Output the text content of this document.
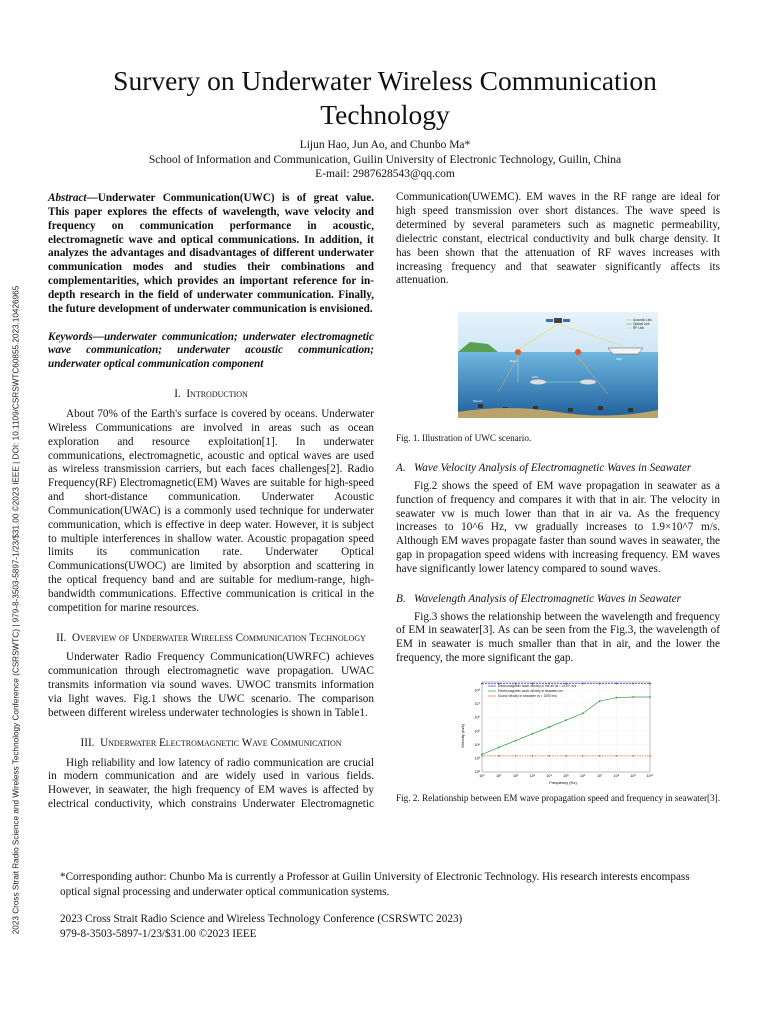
2023 Cross Strait Radio Science and Wireless Technology Conference (CSRSWTC) | 979-8-3503-5897-1/23/$31.00 ©2023 IEEE | DOI: 10.1109/CSRSWTC60855.2023.10426965
Survery on Underwater Wireless Communication Technology
Lijun Hao, Jun Ao, and Chunbo Ma*
School of Information and Communication, Guilin University of Electronic Technology, Guilin, China
E-mail: 2987628543@qq.com

Abstract—Underwater Communication(UWC) is of great value. This paper explores the effects of wavelength, wave velocity and frequency on communication performance in acoustic, electromagnetic wave and optical communications. In addition, it analyzes the advantages and disadvantages of different underwater communication modes and studies their combinations and complementarities, which provides an important reference for in-depth research in the field of underwater communication. Finally, the future development of underwater communication is envisioned.

Keywords—underwater communication; underwater electromagnetic wave communication; underwater acoustic communication; underwater optical communication component

I. Introduction

About 70% of the Earth's surface is covered by oceans. Underwater Wireless Communications are involved in areas such as ocean exploration and resource exploitation[1]. In underwater communications, electromagnetic, acoustic and optical waves are used as wireless transmission carriers, but each faces challenges[2]. Radio Frequency(RF) Electromagnetic(EM) Waves are suitable for high-speed and short-distance communication. Underwater Acoustic Communication(UWAC) is a commonly used technique for underwater communication, which is effective in deep water. However, it is subject to multiple interferences in shallow water. Acoustic propagation speed limits its communication rate. Underwater Optical Communications(UWOC) are limited by absorption and scattering in the optical frequency band and are suitable for medium-range, high-bandwidth communications. Effective communication is critical in the competition for marine resources.

II. Overview of Underwater Wireless Communication Technology

Underwater Radio Frequency Communication(UWRFC) achieves communication through electromagnetic wave propagation. UWAC transmits information via sound waves. UWOC transmits information via light waves. Fig.1 shows the UWC scenario. The comparison between different wireless underwater technologies is shown in Table1.

III. Underwater Electromagnetic Wave Communication

High reliability and low latency of radio communication are crucial in modern communication and are widely used in various fields. However, in seawater, the high frequency of EM waves is affected by electrical conductivity, which constrains Underwater Electromagnetic

Communication(UWEMC). EM waves in the RF range are ideal for high speed transmission over short distances. The wave speed is determined by several parameters such as magnetic permeability, dielectric constant, electrical conductivity and bulk charge density. It has been shown that the attenuation of RF waves increases with increasing frequency and that seawater significantly affects its attenuation.

Acoustic Link
Optical Link
RF Link
Satellite
Ship
Sensor
AUV
Buoy
Fig. 1. Illustration of UWC scenario.
A. Wave Velocity Analysis of Electromagnetic Waves in Seawater

Fig.2 shows the speed of EM wave propagation in seawater as a function of frequency and compares it with that in air. The velocity in seawater vw is much lower than that in air va. As the frequency increases to 10^6 Hz, vw gradually increases to 1.9×10^7 m/s. Although EM waves propagate faster than sound waves in seawater, the gap in propagation speed widens with increasing frequency. EM waves have significantly lower latency compared to sound waves.

B. Wavelength Analysis of Electromagnetic Waves in Seawater

Fig.3 shows the relationship between the wavelength and frequency of EM in seawater[3]. As can be seen from the Fig.3, the wavelength of EM in seawater is much smaller than that in air, and the lower the frequency, the more significant the gap.

Velocity (m/s)
Frequency (Hz)
10⁰	10¹	10²	10³	10⁴	10⁵	10⁶	10⁷	10⁸	10⁹	10¹⁰
10²
10³
10⁴
10⁵
10⁶
10⁷
10⁸
Electromagnetic wave velocity in the air va = 3×10⁸ m/s
Electromagnetic wave velocity in seawater vw
Sound velocity in seawater vs = 1500 m/s
Fig. 2. Relationship between EM wave propagation speed and frequency in seawater[3].
*Corresponding author: Chunbo Ma is currently a Professor at Guilin University of Electronic Technology. His research interests encompass optical signal processing and underwater optical communication systems.
2023 Cross Strait Radio Science and Wireless Technology Conference (CSRSWTC 2023)
979-8-3503-5897-1/23/$31.00 ©2023 IEEE
